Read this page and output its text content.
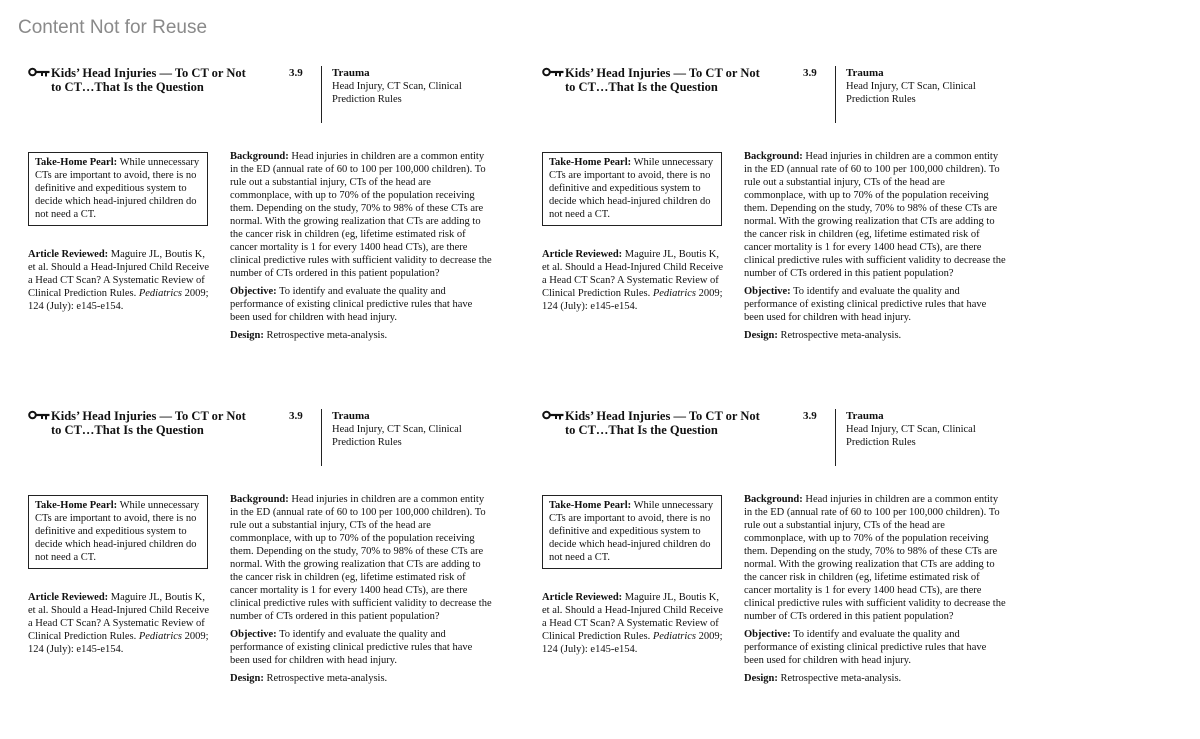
Content Not for Reuse
Kids’ Head Injuries — To CT or Not
to CT…That Is the Question
3.9	Trauma
Head Injury, CT Scan, Clinical Prediction Rules
Take-Home Pearl: While unnecessary CTs are important to avoid, there is no definitive and expeditious system to decide which head-injured children do not need a CT.
Article Reviewed: Maguire JL, Boutis K, et al. Should a Head-Injured Child Receive a Head CT Scan? A Systematic Review of Clinical Prediction Rules. Pediatrics 2009; 124 (July): e145-e154.

Background: Head injuries in children are a common entity in the ED (annual rate of 60 to 100 per 100,000 children). To rule out a substantial injury, CTs of the head are commonplace, with up to 70% of the population receiving them. Depending on the study, 70% to 98% of these CTs are normal. With the growing realization that CTs are adding to the cancer risk in children (eg, lifetime estimated risk of cancer mortality is 1 for every 1400 head CTs), are there clinical predictive rules with sufficient validity to decrease the number of CTs ordered in this patient population?

Objective: To identify and evaluate the quality and performance of existing clinical predictive rules that have been used for children with head injury.

Design: Retrospective meta-analysis.

Kids’ Head Injuries — To CT or Not
to CT…That Is the Question
3.9	Trauma
Head Injury, CT Scan, Clinical Prediction Rules
Take-Home Pearl: While unnecessary CTs are important to avoid, there is no definitive and expeditious system to decide which head-injured children do not need a CT.
Article Reviewed: Maguire JL, Boutis K, et al. Should a Head-Injured Child Receive a Head CT Scan? A Systematic Review of Clinical Prediction Rules. Pediatrics 2009; 124 (July): e145-e154.

Background: Head injuries in children are a common entity in the ED (annual rate of 60 to 100 per 100,000 children). To rule out a substantial injury, CTs of the head are commonplace, with up to 70% of the population receiving them. Depending on the study, 70% to 98% of these CTs are normal. With the growing realization that CTs are adding to the cancer risk in children (eg, lifetime estimated risk of cancer mortality is 1 for every 1400 head CTs), are there clinical predictive rules with sufficient validity to decrease the number of CTs ordered in this patient population?

Objective: To identify and evaluate the quality and performance of existing clinical predictive rules that have been used for children with head injury.

Design: Retrospective meta-analysis.

Kids’ Head Injuries — To CT or Not
to CT…That Is the Question
3.9	Trauma
Head Injury, CT Scan, Clinical Prediction Rules
Take-Home Pearl: While unnecessary CTs are important to avoid, there is no definitive and expeditious system to decide which head-injured children do not need a CT.
Article Reviewed: Maguire JL, Boutis K, et al. Should a Head-Injured Child Receive a Head CT Scan? A Systematic Review of Clinical Prediction Rules. Pediatrics 2009; 124 (July): e145-e154.

Background: Head injuries in children are a common entity in the ED (annual rate of 60 to 100 per 100,000 children). To rule out a substantial injury, CTs of the head are commonplace, with up to 70% of the population receiving them. Depending on the study, 70% to 98% of these CTs are normal. With the growing realization that CTs are adding to the cancer risk in children (eg, lifetime estimated risk of cancer mortality is 1 for every 1400 head CTs), are there clinical predictive rules with sufficient validity to decrease the number of CTs ordered in this patient population?

Objective: To identify and evaluate the quality and performance of existing clinical predictive rules that have been used for children with head injury.

Design: Retrospective meta-analysis.

Kids’ Head Injuries — To CT or Not
to CT…That Is the Question
3.9	Trauma
Head Injury, CT Scan, Clinical Prediction Rules
Take-Home Pearl: While unnecessary CTs are important to avoid, there is no definitive and expeditious system to decide which head-injured children do not need a CT.
Article Reviewed: Maguire JL, Boutis K, et al. Should a Head-Injured Child Receive a Head CT Scan? A Systematic Review of Clinical Prediction Rules. Pediatrics 2009; 124 (July): e145-e154.

Background: Head injuries in children are a common entity in the ED (annual rate of 60 to 100 per 100,000 children). To rule out a substantial injury, CTs of the head are commonplace, with up to 70% of the population receiving them. Depending on the study, 70% to 98% of these CTs are normal. With the growing realization that CTs are adding to the cancer risk in children (eg, lifetime estimated risk of cancer mortality is 1 for every 1400 head CTs), are there clinical predictive rules with sufficient validity to decrease the number of CTs ordered in this patient population?

Objective: To identify and evaluate the quality and performance of existing clinical predictive rules that have been used for children with head injury.

Design: Retrospective meta-analysis.
